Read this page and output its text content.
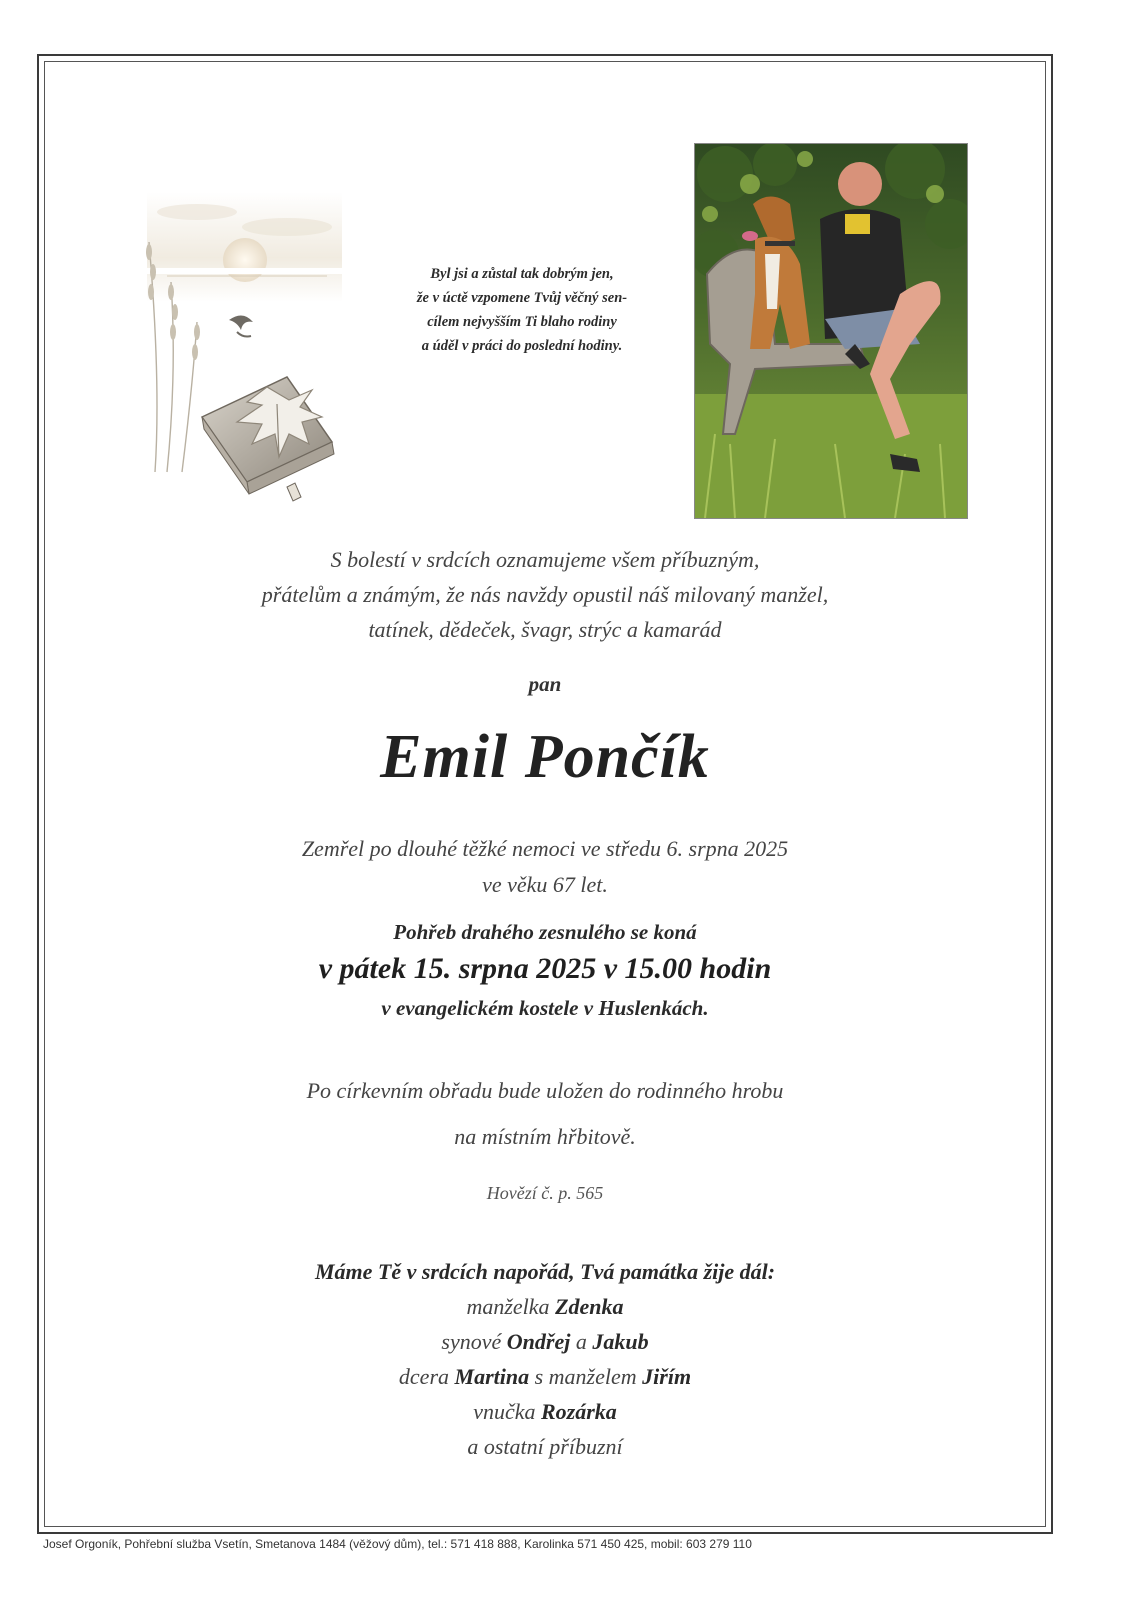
Byl jsi a zůstal tak dobrým jen,
že v úctě vzpomene Tvůj věčný sen-
cílem nejvyšším Ti blaho rodiny
a úděl v práci do poslední hodiny.
S bolestí v srdcích oznamujeme všem příbuzným,
přátelům a známým, že nás navždy opustil náš milovaný manžel,
tatínek, dědeček, švagr, strýc a kamarád
pan
Emil Pončík
Zemřel po dlouhé těžké nemoci ve středu 6. srpna 2025
ve věku 67 let.
Pohřeb drahého zesnulého se koná
v pátek 15. srpna 2025 v 15.00 hodin
v evangelickém kostele v Huslenkách.
Po církevním obřadu bude uložen do rodinného hrobu
na místním hřbitově.
Hovězí č. p. 565
Máme Tě v srdcích napořád, Tvá památka žije dál:
manželka Zdenka
synové Ondřej a Jakub
dcera Martina s manželem Jiřím
vnučka Rozárka
a ostatní příbuzní
Josef Orgoník, Pohřební služba Vsetín, Smetanova 1484 (věžový dům), tel.: 571 418 888, Karolinka 571 450 425, mobil: 603 279 110
